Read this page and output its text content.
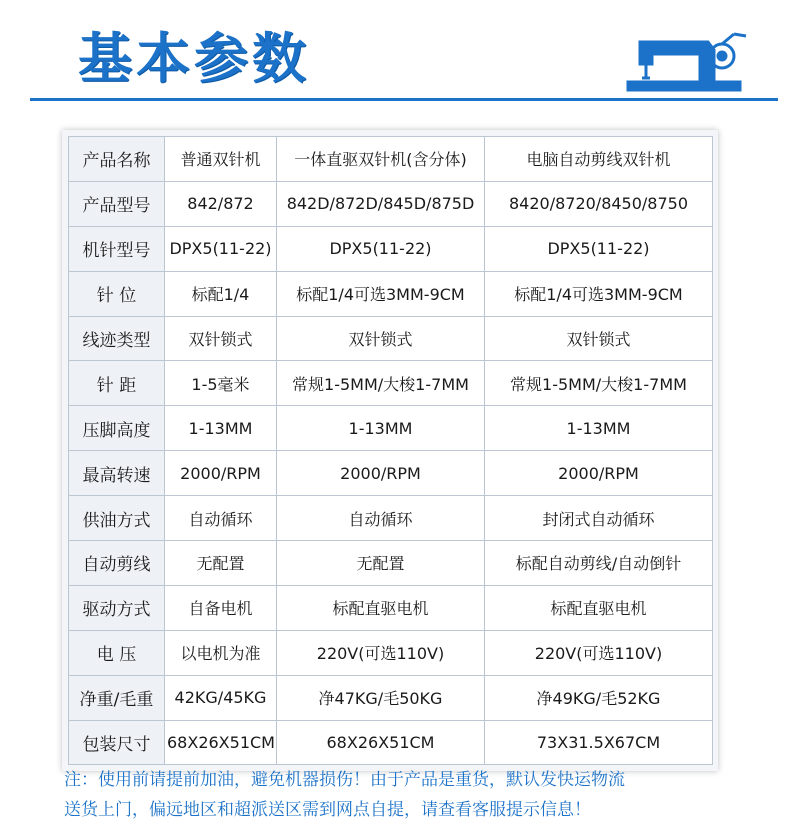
基本参数
产品名称	普通双针机	一体直驱双针机(含分体)	电脑自动剪线双针机
产品型号	842/872	842D/872D/845D/875D	8420/8720/8450/8750
机针型号	DPX5(11-22)	DPX5(11-22)	DPX5(11-22)
针 位	标配1/4	标配1/4可选3MM-9CM	标配1/4可选3MM-9CM
线迹类型	双针锁式	双针锁式	双针锁式
针 距	1-5毫米	常规1-5MM/大梭1-7MM	常规1-5MM/大梭1-7MM
压脚高度	1-13MM	1-13MM	1-13MM
最高转速	2000/RPM	2000/RPM	2000/RPM
供油方式	自动循环	自动循环	封闭式自动循环
自动剪线	无配置	无配置	标配自动剪线/自动倒针
驱动方式	自备电机	标配直驱电机	标配直驱电机
电 压	以电机为准	220V(可选110V)	220V(可选110V)
净重/毛重	42KG/45KG	净47KG/毛50KG	净49KG/毛52KG
包装尺寸	68X26X51CM	68X26X51CM	73X31.5X67CM
注：使用前请提前加油，避免机器损伤！由于产品是重货，默认发快运物流
送货上门，偏远地区和超派送区需到网点自提，请查看客服提示信息！
